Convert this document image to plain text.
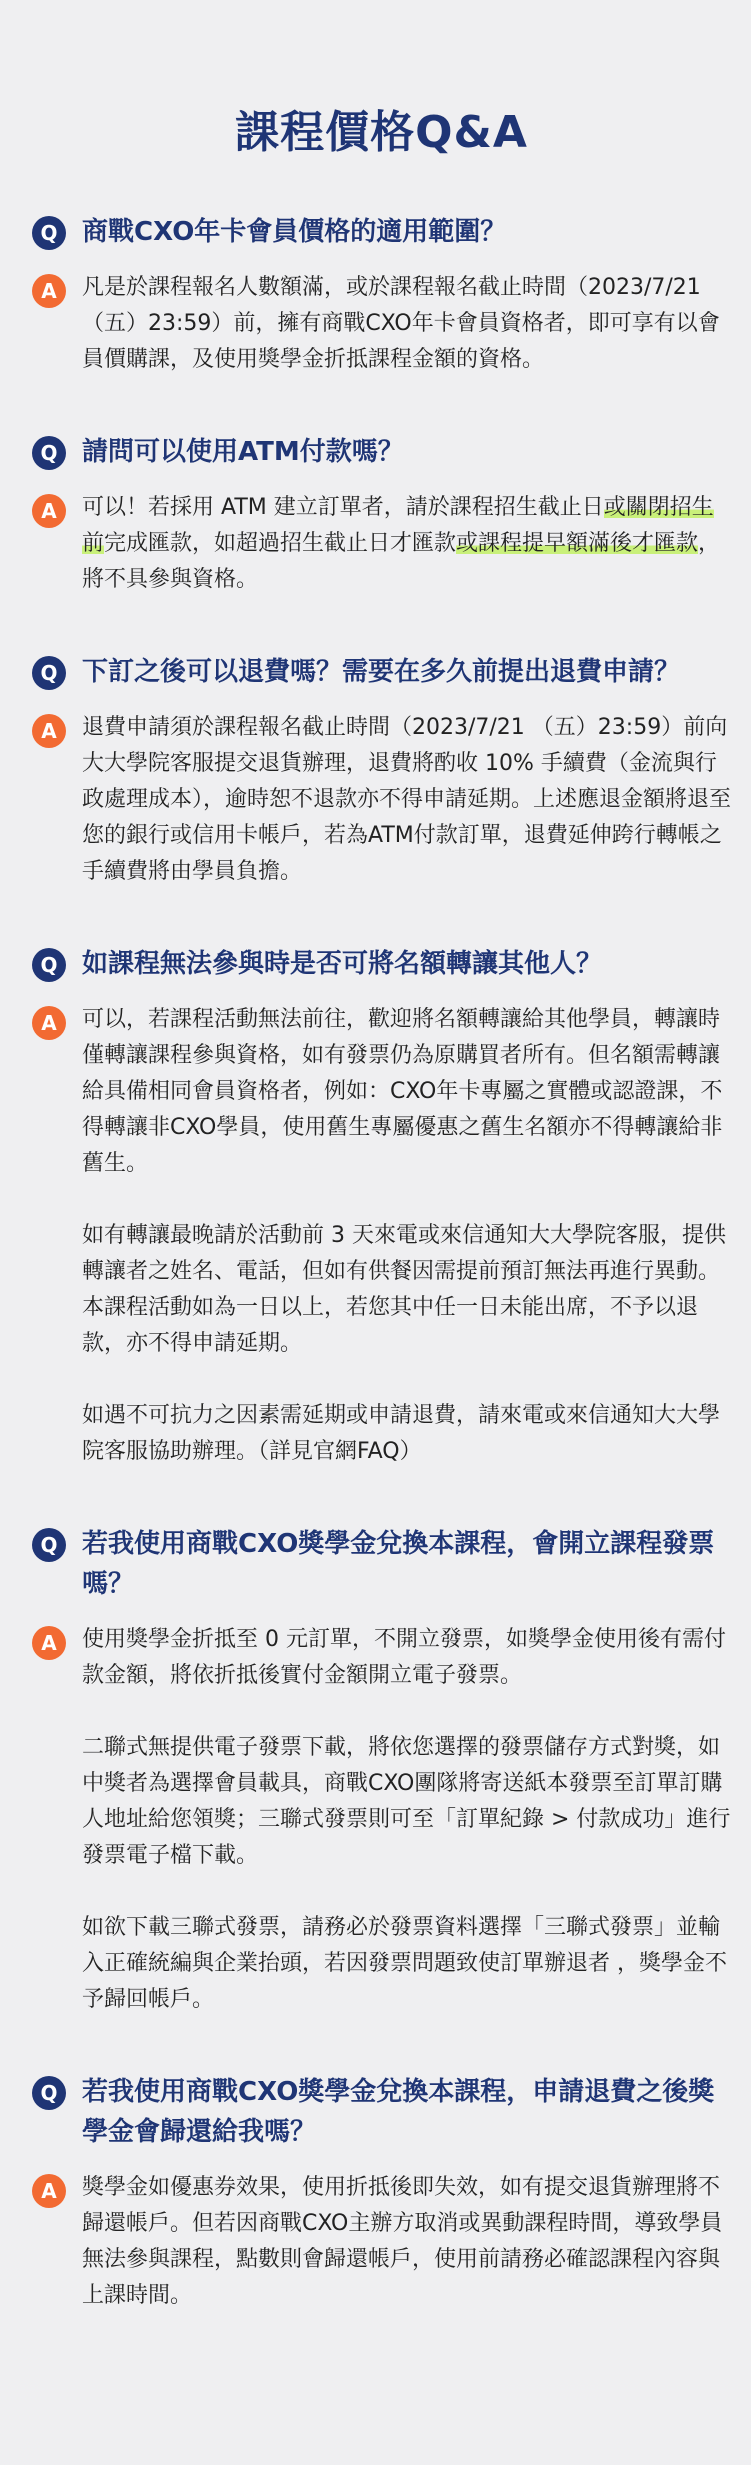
課程價格Q&A
Q 商戰CXO年卡會員價格的適用範圍？
A	凡是於課程報名人數額滿，或於課程報名截止時間（2023/7/21 （五）23:59）前，擁有商戰CXO年卡會員資格者，即可享有以會員價購課，及使用獎學金折抵課程金額的資格。

Q 請問可以使用ATM付款嗎？
A	可以！若採用 ATM 建立訂單者，請於課程招生截止日或關閉招生前完成匯款，如超過招生截止日才匯款或課程提早額滿後才匯款，將不具參與資格。

Q 下訂之後可以退費嗎？需要在多久前提出退費申請？
A	退費申請須於課程報名截止時間（2023/7/21 （五）23:59）前向大大學院客服提交退貨辦理，退費將酌收 10% 手續費（金流與行政處理成本），逾時恕不退款亦不得申請延期。上述應退金額將退至您的銀行或信用卡帳戶，若為ATM付款訂單，退費延伸跨行轉帳之手續費將由學員負擔。

Q 如課程無法參與時是否可將名額轉讓其他人？
A	可以，若課程活動無法前往，歡迎將名額轉讓給其他學員，轉讓時僅轉讓課程參與資格，如有發票仍為原購買者所有。但名額需轉讓給具備相同會員資格者，例如：CXO年卡專屬之實體或認證課，不得轉讓非CXO學員，使用舊生專屬優惠之舊生名額亦不得轉讓給非舊生。

如有轉讓最晚請於活動前 3 天來電或來信通知大大學院客服，提供轉讓者之姓名、電話，但如有供餐因需提前預訂無法再進行異動。本課程活動如為一日以上，若您其中任一日未能出席，不予以退款，亦不得申請延期。

如遇不可抗力之因素需延期或申請退費，請來電或來信通知大大學院客服協助辦理。（詳見官網FAQ）

Q 若我使用商戰CXO獎學金兌換本課程，會開立課程發票嗎？
A	使用獎學金折抵至 0 元訂單，不開立發票，如獎學金使用後有需付款金額，將依折抵後實付金額開立電子發票。

二聯式無提供電子發票下載，將依您選擇的發票儲存方式對獎，如中獎者為選擇會員載具，商戰CXO團隊將寄送紙本發票至訂單訂購人地址給您領獎；三聯式發票則可至「訂單紀錄 > 付款成功」進行發票電子檔下載。

如欲下載三聯式發票，請務必於發票資料選擇「三聯式發票」並輸入正確統編與企業抬頭，若因發票問題致使訂單辦退者 ，獎學金不予歸回帳戶。

Q 若我使用商戰CXO獎學金兌換本課程，申請退費之後獎學金會歸還給我嗎？
A	獎學金如優惠券效果，使用折抵後即失效，如有提交退貨辦理將不歸還帳戶。但若因商戰CXO主辦方取消或異動課程時間，導致學員無法參與課程，點數則會歸還帳戶，使用前請務必確認課程內容與上課時間。
